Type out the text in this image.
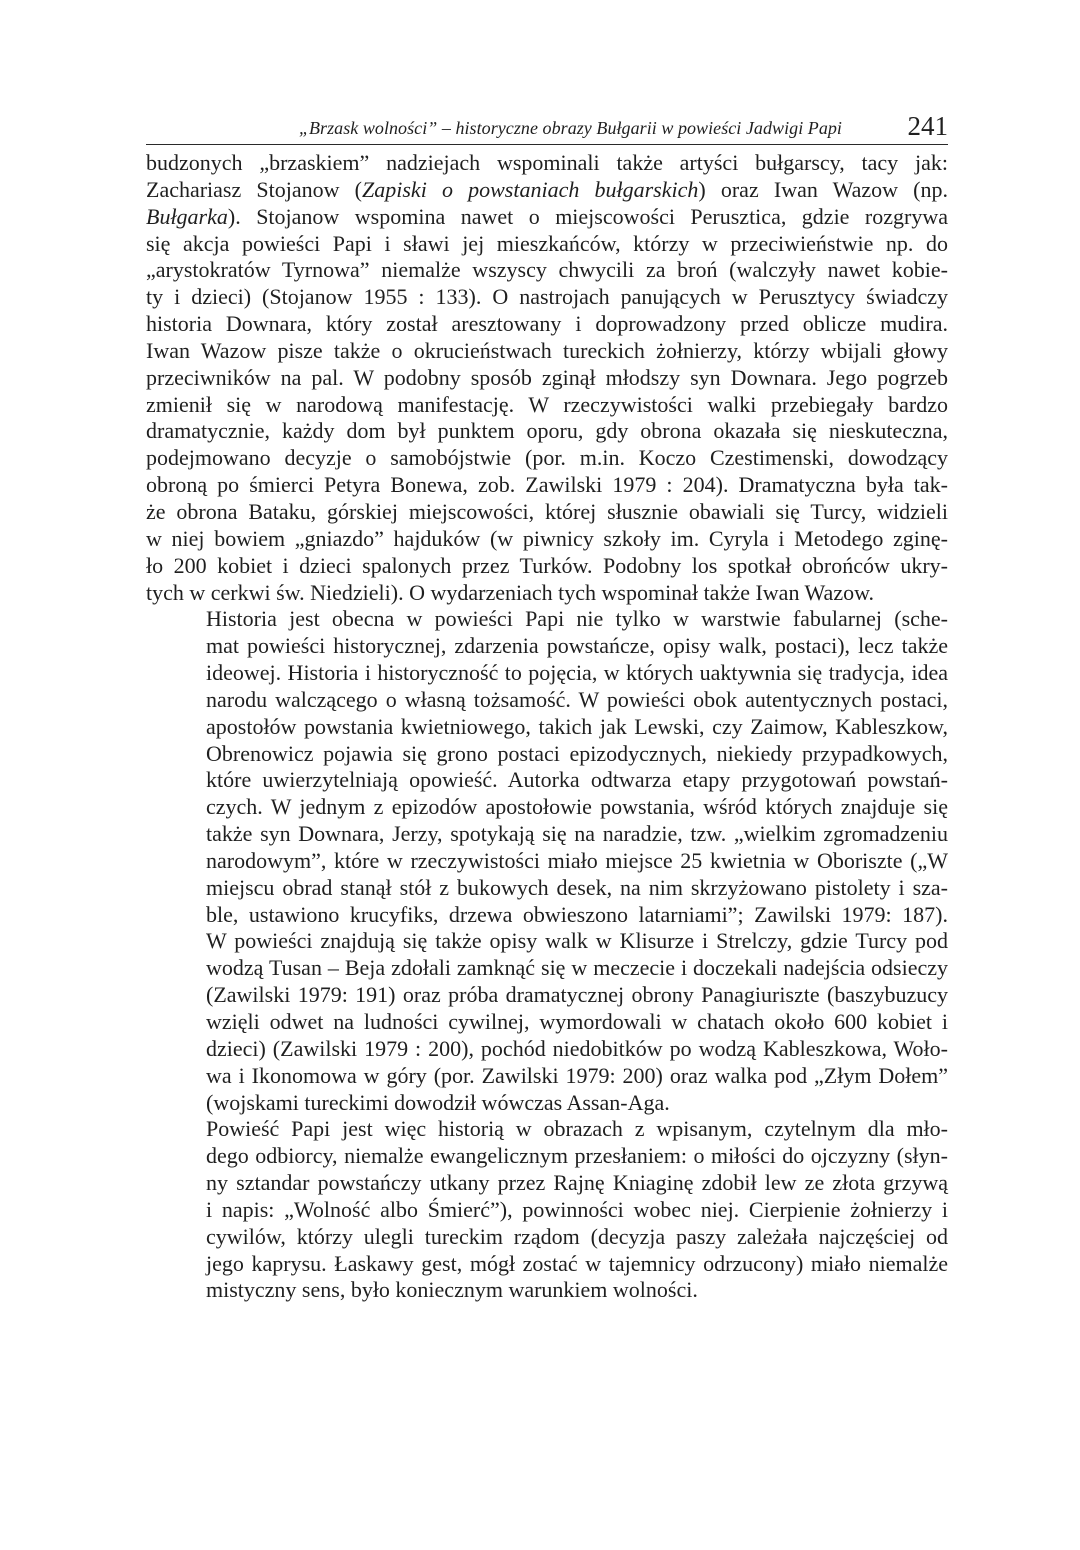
„Brzask wolności” – historyczne obrazy Bułgarii w powieści Jadwigi Papi 241

budzonych „brzaskiem” nadziejach wspominali także artyści bułgarscy, tacy jak:
Zachariasz Stojanow (Zapiski o powstaniach bułgarskich) oraz Iwan Wazow (np.
Bułgarka). Stojanow wspomina nawet o miejscowości Perusztica, gdzie rozgrywa
się akcja powieści Papi i sławi jej mieszkańców, którzy w przeciwieństwie np. do
„arystokratów Tyrnowa” niemalże wszyscy chwycili za broń (walczyły nawet kobie-
ty i dzieci) (Stojanow 1955 : 133). O nastrojach panujących w Perusztycy świadczy
historia Downara, który został aresztowany i doprowadzony przed oblicze mudira.
Iwan Wazow pisze także o okrucieństwach tureckich żołnierzy, którzy wbijali głowy
przeciwników na pal. W podobny sposób zginął młodszy syn Downara. Jego pogrzeb
zmienił się w narodową manifestację. W rzeczywistości walki przebiegały bardzo
dramatycznie, każdy dom był punktem oporu, gdy obrona okazała się nieskuteczna,
podejmowano decyzje o samobójstwie (por. m.in. Koczo Czestimenski, dowodzący
obroną po śmierci Petyra Bonewa, zob. Zawilski 1979 : 204). Dramatyczna była tak-
że obrona Bataku, górskiej miejscowości, której słusznie obawiali się Turcy, widzieli
w niej bowiem „gniazdo” hajduków (w piwnicy szkoły im. Cyryla i Metodego zginę-
ło 200 kobiet i dzieci spalonych przez Turków. Podobny los spotkał obrońców ukry-
tych w cerkwi św. Niedzieli). O wydarzeniach tych wspominał także Iwan Wazow.

Historia jest obecna w powieści Papi nie tylko w warstwie fabularnej (sche-
mat powieści historycznej, zdarzenia powstańcze, opisy walk, postaci), lecz także
ideowej. Historia i historyczność to pojęcia, w których uaktywnia się tradycja, idea
narodu walczącego o własną tożsamość. W powieści obok autentycznych postaci,
apostołów powstania kwietniowego, takich jak Lewski, czy Zaimow, Kableszkow,
Obrenowicz pojawia się grono postaci epizodycznych, niekiedy przypadkowych,
które uwierzytelniają opowieść. Autorka odtwarza etapy przygotowań powstań-
czych. W jednym z epizodów apostołowie powstania, wśród których znajduje się
także syn Downara, Jerzy, spotykają się na naradzie, tzw. „wielkim zgromadzeniu
narodowym”, które w rzeczywistości miało miejsce 25 kwietnia w Oboriszte („W
miejscu obrad stanął stół z bukowych desek, na nim skrzyżowano pistolety i sza-
ble, ustawiono krucyfiks, drzewa obwieszono latarniami”; Zawilski 1979: 187).
W powieści znajdują się także opisy walk w Klisurze i Strelczy, gdzie Turcy pod
wodzą Tusan – Beja zdołali zamknąć się w meczecie i doczekali nadejścia odsieczy
(Zawilski 1979: 191) oraz próba dramatycznej obrony Panagiuriszte (baszybuzucy
wzięli odwet na ludności cywilnej, wymordowali w chatach około 600 kobiet i
dzieci) (Zawilski 1979 : 200), pochód niedobitków po wodzą Kableszkowa, Woło-
wa i Ikonomowa w góry (por. Zawilski 1979: 200) oraz walka pod „Złym Dołem”
(wojskami tureckimi dowodził wówczas Assan-Aga.

Powieść Papi jest więc historią w obrazach z wpisanym, czytelnym dla mło-
dego odbiorcy, niemalże ewangelicznym przesłaniem: o miłości do ojczyzny (słyn-
ny sztandar powstańczy utkany przez Rajnę Kniaginę zdobił lew ze złota grzywą
i napis: „Wolność albo Śmierć”), powinności wobec niej. Cierpienie żołnierzy i
cywilów, którzy ulegli tureckim rządom (decyzja paszy zależała najczęściej od
jego kaprysu. Łaskawy gest, mógł zostać w tajemnicy odrzucony) miało niemalże
mistyczny sens, było koniecznym warunkiem wolności.
